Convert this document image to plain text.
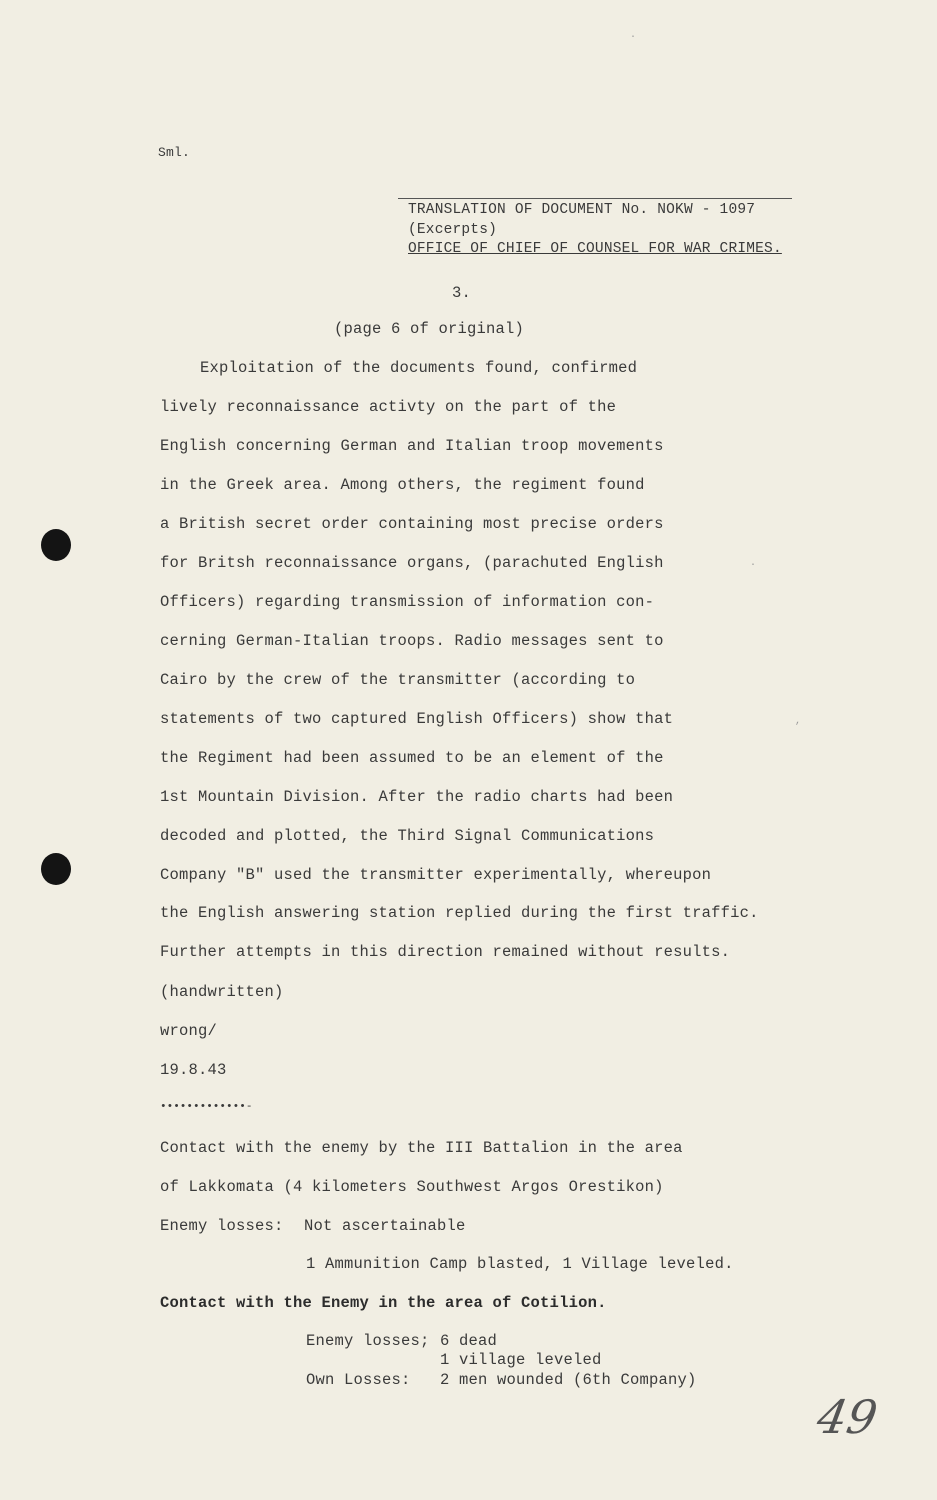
Sml.
TRANSLATION OF DOCUMENT No. NOKW - 1097
(Excerpts)
OFFICE OF CHIEF OF COUNSEL FOR WAR CRIMES.
3.
(page 6 of original)
Exploitation of the documents found, confirmed
lively reconnaissance activty on the part of the
English concerning German and Italian troop movements
in the Greek area. Among others, the regiment found
a British secret order containing most precise orders
for Britsh reconnaissance organs, (parachuted English
Officers) regarding transmission of information con-
cerning German-Italian troops. Radio messages sent to
Cairo by the crew of the transmitter (according to
statements of two captured English Officers) show that
the Regiment had been assumed to be an element of the
1st Mountain Division. After the radio charts had been
decoded and plotted, the Third Signal Communications
Company "B" used the transmitter experimentally, whereupon
the English answering station replied during the first traffic.
Further attempts in this direction remained without results.
(handwritten)
wrong/
19.8.43
•••••••••••••-
Contact with the enemy by the III Battalion in the area
of Lakkomata (4 kilometers Southwest Argos Orestikon)
Enemy losses: Not ascertainable
1 Ammunition Camp blasted, 1 Village leveled.
Contact with the Enemy in the area of Cotilion.
Enemy losses; 6 dead
1 village leveled
Own Losses: 2 men wounded (6th Company)
49
·
·
,
